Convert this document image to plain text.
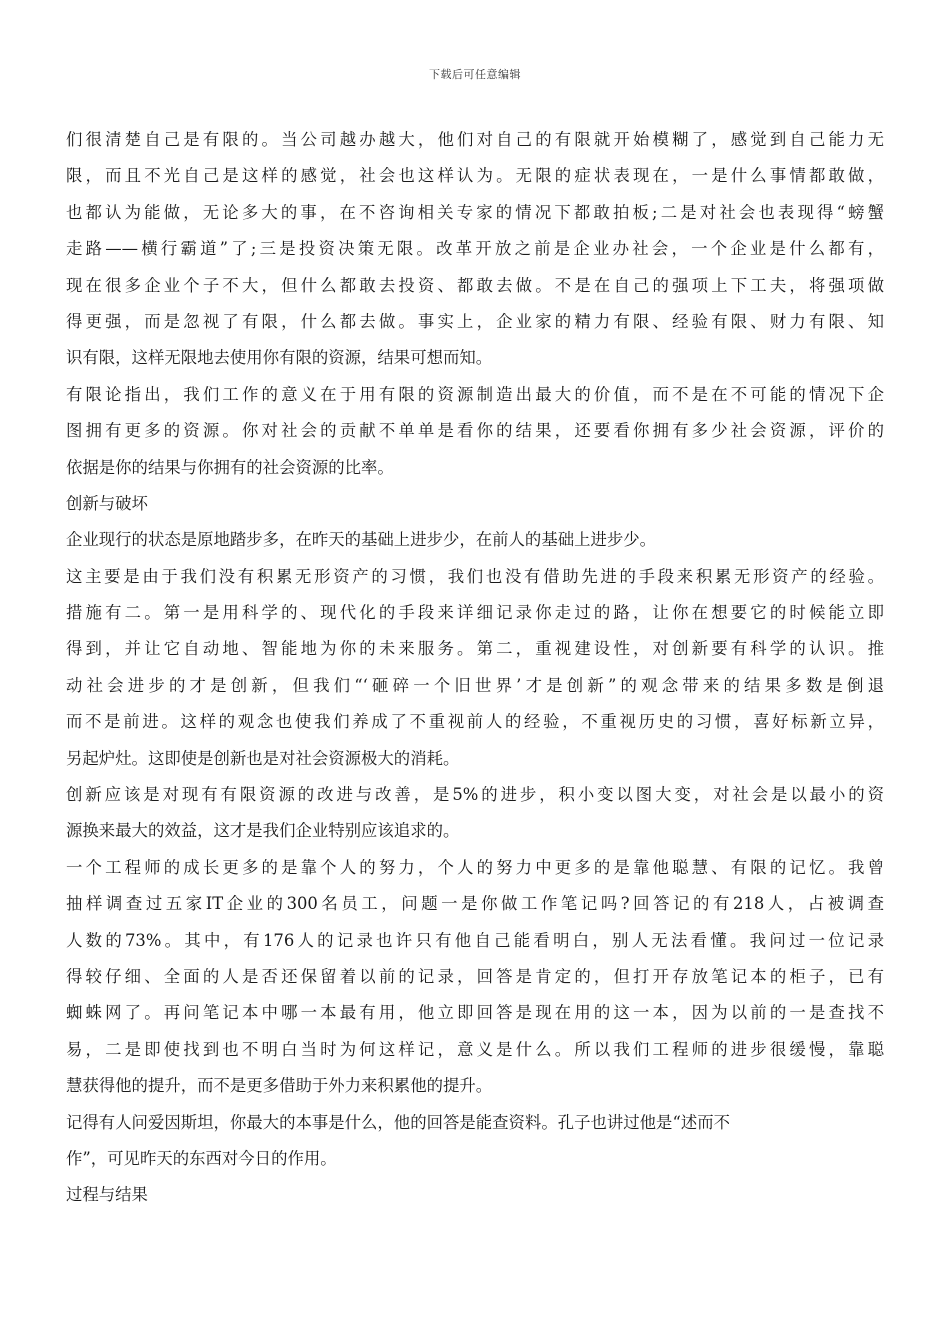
下载后可任意编辑
们很清楚自己是有限的。当公司越办越大，他们对自己的有限就开始模糊了，感觉到自己能力无
限，而且不光自己是这样的感觉，社会也这样认为。无限的症状表现在，一是什么事情都敢做，
也都认为能做，无论多大的事，在不咨询相关专家的情况下都敢拍板;二是对社会也表现得“螃蟹
走路——横行霸道”了;三是投资决策无限。改革开放之前是企业办社会，一个企业是什么都有，
现在很多企业个子不大，但什么都敢去投资、都敢去做。不是在自己的强项上下工夫，将强项做
得更强，而是忽视了有限，什么都去做。事实上，企业家的精力有限、经验有限、财力有限、知
识有限，这样无限地去使用你有限的资源，结果可想而知。
有限论指出，我们工作的意义在于用有限的资源制造出最大的价值，而不是在不可能的情况下企
图拥有更多的资源。你对社会的贡献不单单是看你的结果，还要看你拥有多少社会资源，评价的
依据是你的结果与你拥有的社会资源的比率。
创新与破坏
企业现行的状态是原地踏步多，在昨天的基础上进步少，在前人的基础上进步少。
这主要是由于我们没有积累无形资产的习惯，我们也没有借助先进的手段来积累无形资产的经验。
措施有二。第一是用科学的、现代化的手段来详细记录你走过的路，让你在想要它的时候能立即
得到，并让它自动地、智能地为你的未来服务。第二，重视建设性，对创新要有科学的认识。推
动社会进步的才是创新，但我们“‘砸碎一个旧世界’才是创新”的观念带来的结果多数是倒退
而不是前进。这样的观念也使我们养成了不重视前人的经验，不重视历史的习惯，喜好标新立异，
另起炉灶。这即使是创新也是对社会资源极大的消耗。
创新应该是对现有有限资源的改进与改善，是5%的进步，积小变以图大变，对社会是以最小的资
源换来最大的效益，这才是我们企业特别应该追求的。
一个工程师的成长更多的是靠个人的努力，个人的努力中更多的是靠他聪慧、有限的记忆。我曾
抽样调查过五家IT企业的300名员工，问题一是你做工作笔记吗?回答记的有218人，占被调查
人数的73%。其中，有176人的记录也许只有他自己能看明白，别人无法看懂。我问过一位记录
得较仔细、全面的人是否还保留着以前的记录，回答是肯定的，但打开存放笔记本的柜子，已有
蜘蛛网了。再问笔记本中哪一本最有用，他立即回答是现在用的这一本，因为以前的一是查找不
易，二是即使找到也不明白当时为何这样记，意义是什么。所以我们工程师的进步很缓慢，靠聪
慧获得他的提升，而不是更多借助于外力来积累他的提升。
记得有人问爱因斯坦，你最大的本事是什么，他的回答是能查资料。孔子也讲过他是“述而不
作”，可见昨天的东西对今日的作用。
过程与结果
